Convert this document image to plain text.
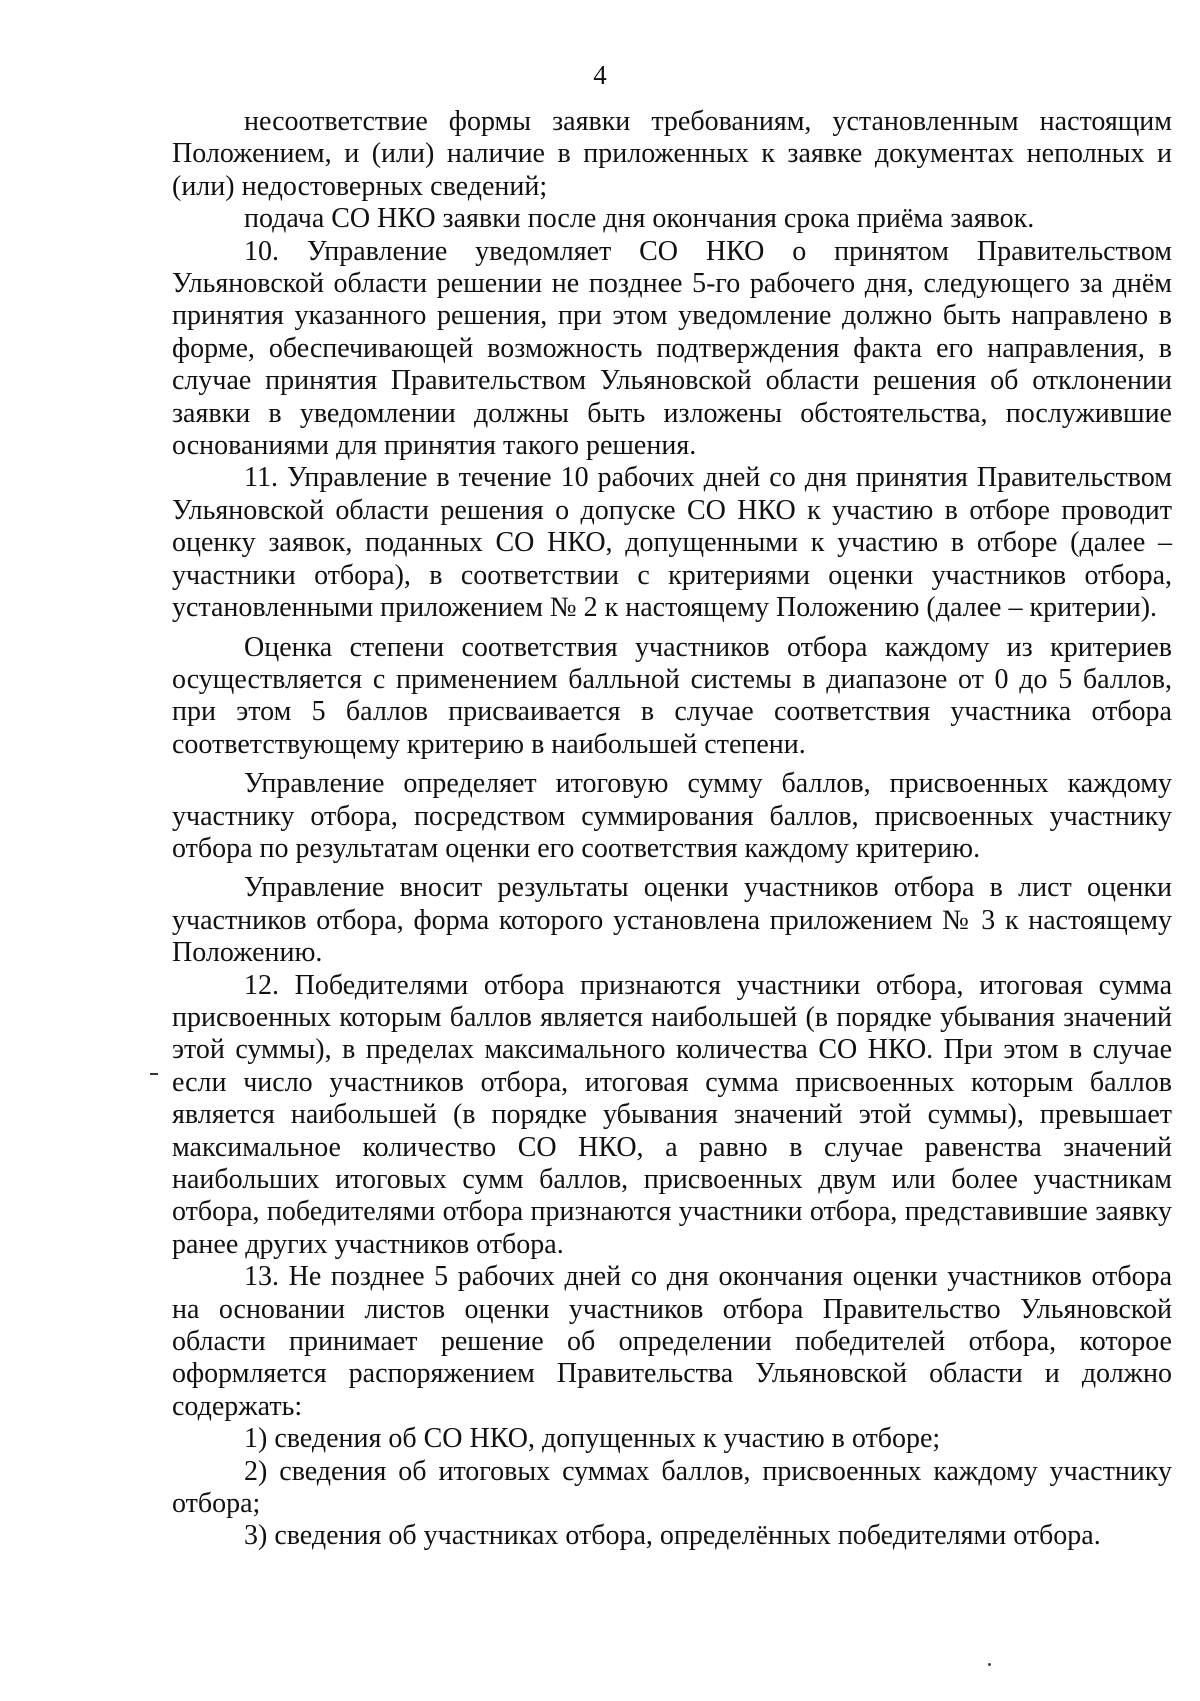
4

несоответствие формы заявки требованиям, установленным настоящим Положением, и (или) наличие в приложенных к заявке документах неполных и (или) недостоверных сведений;

подача СО НКО заявки после дня окончания срока приёма заявок.

10. Управление уведомляет СО НКО о принятом Правительством Ульяновской области решении не позднее 5-го рабочего дня, следующего за днём принятия указанного решения, при этом уведомление должно быть направлено в форме, обеспечивающей возможность подтверждения факта его направления, в случае принятия Правительством Ульяновской области решения об отклонении заявки в уведомлении должны быть изложены обстоятельства, послужившие основаниями для принятия такого решения.

11. Управление в течение 10 рабочих дней со дня принятия Правительством Ульяновской области решения о допуске СО НКО к участию в отборе проводит оценку заявок, поданных СО НКО, допущенными к участию в отборе (далее – участники отбора), в соответствии с критериями оценки участников отбора, установленными приложением № 2 к настоящему Положению (далее – критерии).

Оценка степени соответствия участников отбора каждому из критериев осуществляется с применением балльной системы в диапазоне от 0 до 5 баллов, при этом 5 баллов присваивается в случае соответствия участника отбора соответствующему критерию в наибольшей степени.

Управление определяет итоговую сумму баллов, присвоенных каждому участнику отбора, посредством суммирования баллов, присвоенных участнику отбора по результатам оценки его соответствия каждому критерию.

Управление вносит результаты оценки участников отбора в лист оценки участников отбора, форма которого установлена приложением № 3 к настоящему Положению.

12. Победителями отбора признаются участники отбора, итоговая сумма присвоенных которым баллов является наибольшей (в порядке убывания значений этой суммы), в пределах максимального количества СО НКО. При этом в случае если число участников отбора, итоговая сумма присвоенных которым баллов является наибольшей (в порядке убывания значений этой суммы), превышает максимальное количество СО НКО, а равно в случае равенства значений наибольших итоговых сумм баллов, присвоенных двум или более участникам отбора, победителями отбора признаются участники отбора, представившие заявку ранее других участников отбора.

13. Не позднее 5 рабочих дней со дня окончания оценки участников отбора на основании листов оценки участников отбора Правительство Ульяновской области принимает решение об определении победителей отбора, которое оформляется распоряжением Правительства Ульяновской области и должно содержать:

1) сведения об СО НКО, допущенных к участию в отборе;

2) сведения об итоговых суммах баллов, присвоенных каждому участнику отбора;

3) сведения об участниках отбора, определённых победителями отбора.
